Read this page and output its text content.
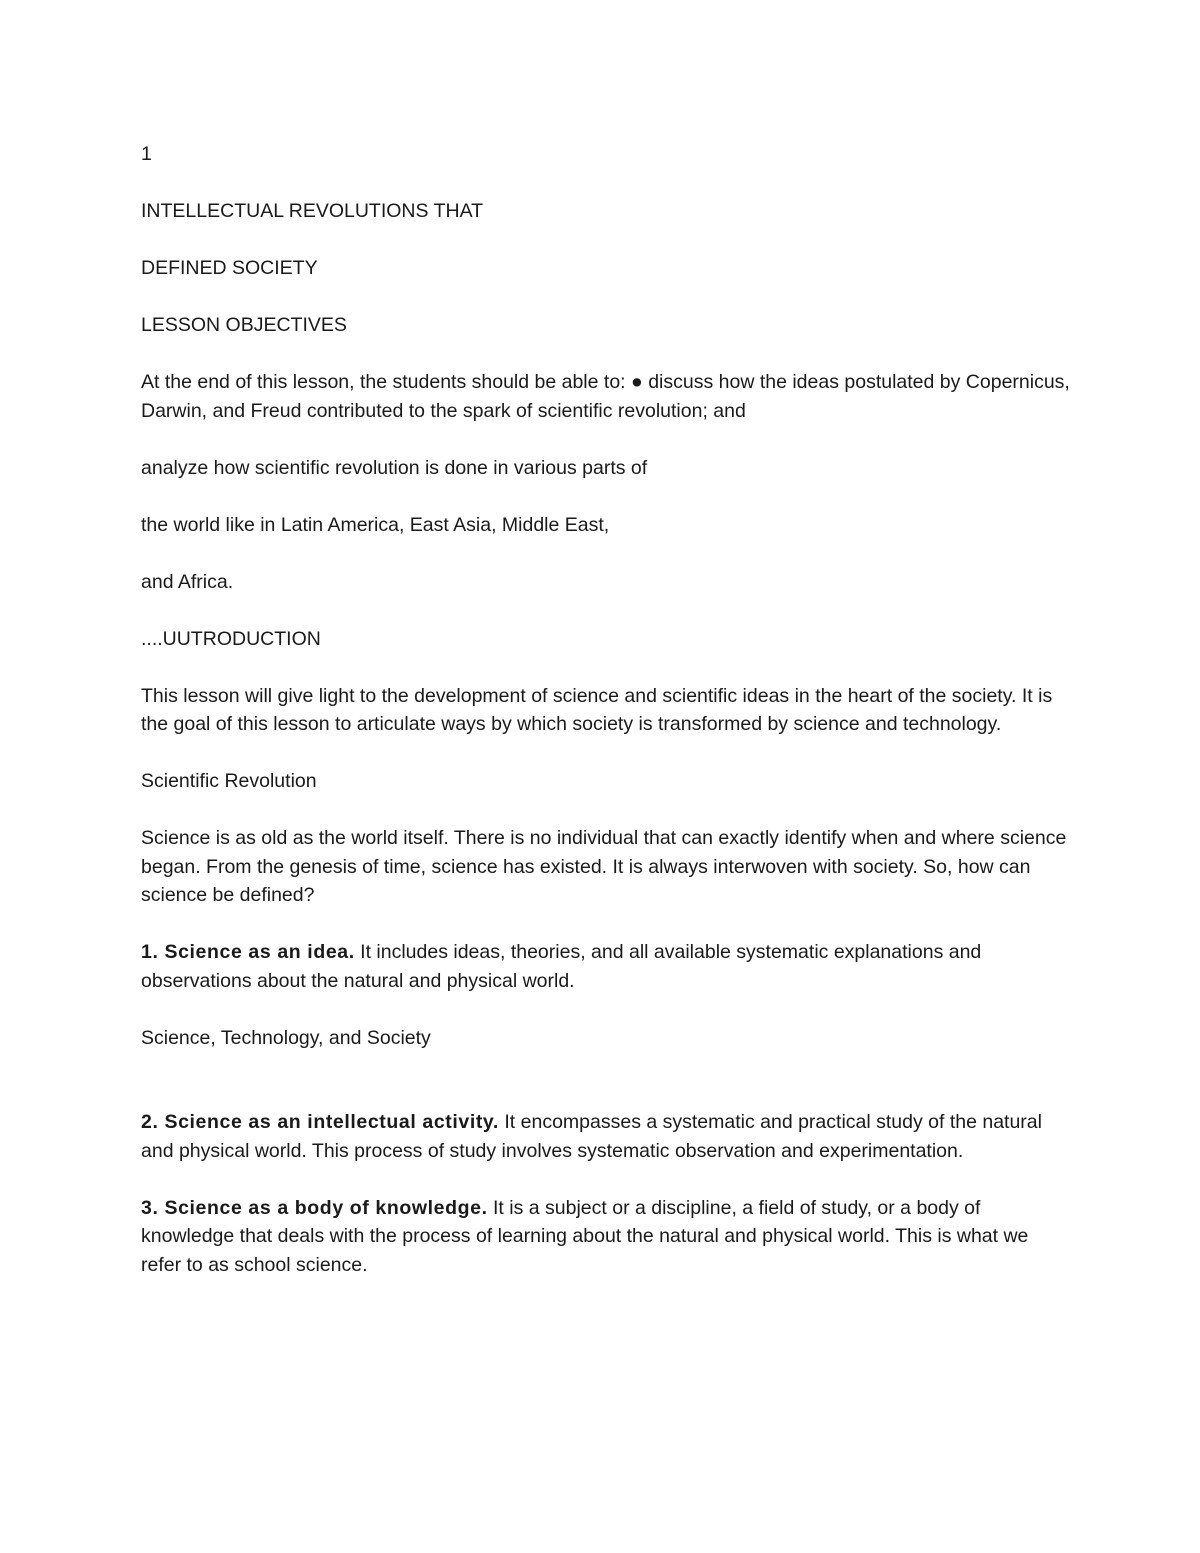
1

INTELLECTUAL REVOLUTIONS THAT

DEFINED SOCIETY

LESSON OBJECTIVES

At the end of this lesson, the students should be able to: ● discuss how the ideas postulated by Copernicus, Darwin, and Freud contributed to the spark of scientific revolution; and

analyze how scientific revolution is done in various parts of

the world like in Latin America, East Asia, Middle East,

and Africa.

....UUTRODUCTION

This lesson will give light to the development of science and scientific ideas in the heart of the society. It is the goal of this lesson to articulate ways by which society is transformed by science and technology.

Scientific Revolution

Science is as old as the world itself. There is no individual that can exactly identify when and where science began. From the genesis of time, science has existed. It is always interwoven with society. So, how can science be defined?

1. Science as an idea. It includes ideas, theories, and all available systematic explanations and observations about the natural and physical world.

Science, Technology, and Society

2. Science as an intellectual activity. It encompasses a systematic and practical study of the natural and physical world. This process of study involves systematic observation and experimentation.

3. Science as a body of knowledge. It is a subject or a discipline, a field of study, or a body of knowledge that deals with the process of learning about the natural and physical world. This is what we refer to as school science.
